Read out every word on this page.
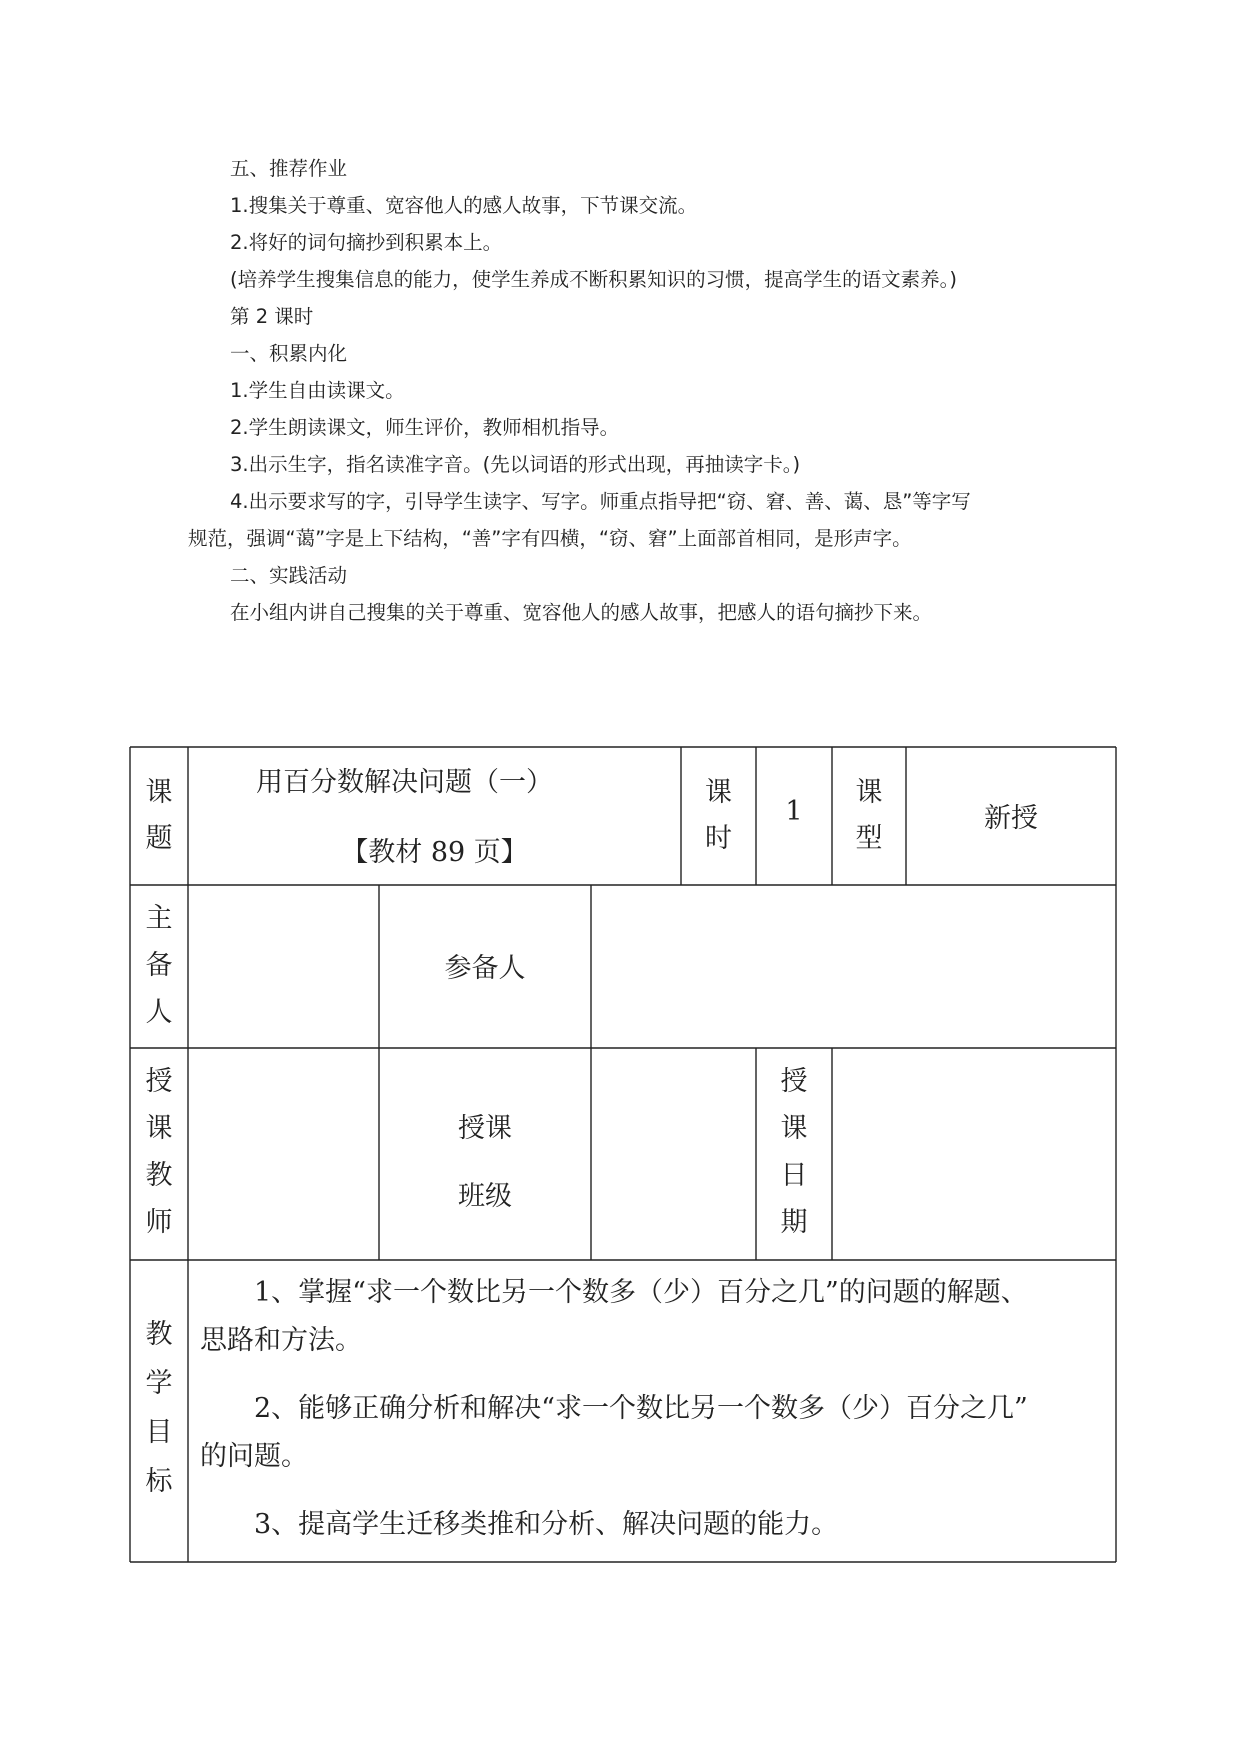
五、推荐作业
1.搜集关于尊重、宽容他人的感人故事，下节课交流。
2.将好的词句摘抄到积累本上。
(培养学生搜集信息的能力，使学生养成不断积累知识的习惯，提高学生的语文素养。)
第 2 课时
一、积累内化
1.学生自由读课文。
2.学生朗读课文，师生评价，教师相机指导。
3.出示生字，指名读准字音。(先以词语的形式出现，再抽读字卡。)
4.出示要求写的字，引导学生读字、写字。师重点指导把“窃、窘、善、蔼、恳”等字写
规范，强调“蔼”字是上下结构，“善”字有四横，“窃、窘”上面部首相同，是形声字。
二、实践活动
在小组内讲自己搜集的关于尊重、宽容他人的感人故事，把感人的语句摘抄下来。
课
题
用百分数解决问题（一）
【教材 89 页】
课
时
1
课
型
新授
主
备
人
参备人
授
课
教
师
授课
班级
授
课
日
期
教
学
目
标
　　1、掌握“求一个数比另一个数多（少）百分之几”的问题的解题、
思路和方法。
　　2、能够正确分析和解决“求一个数比另一个数多（少）百分之几”
的问题。
　　3、提高学生迁移类推和分析、解决问题的能力。
